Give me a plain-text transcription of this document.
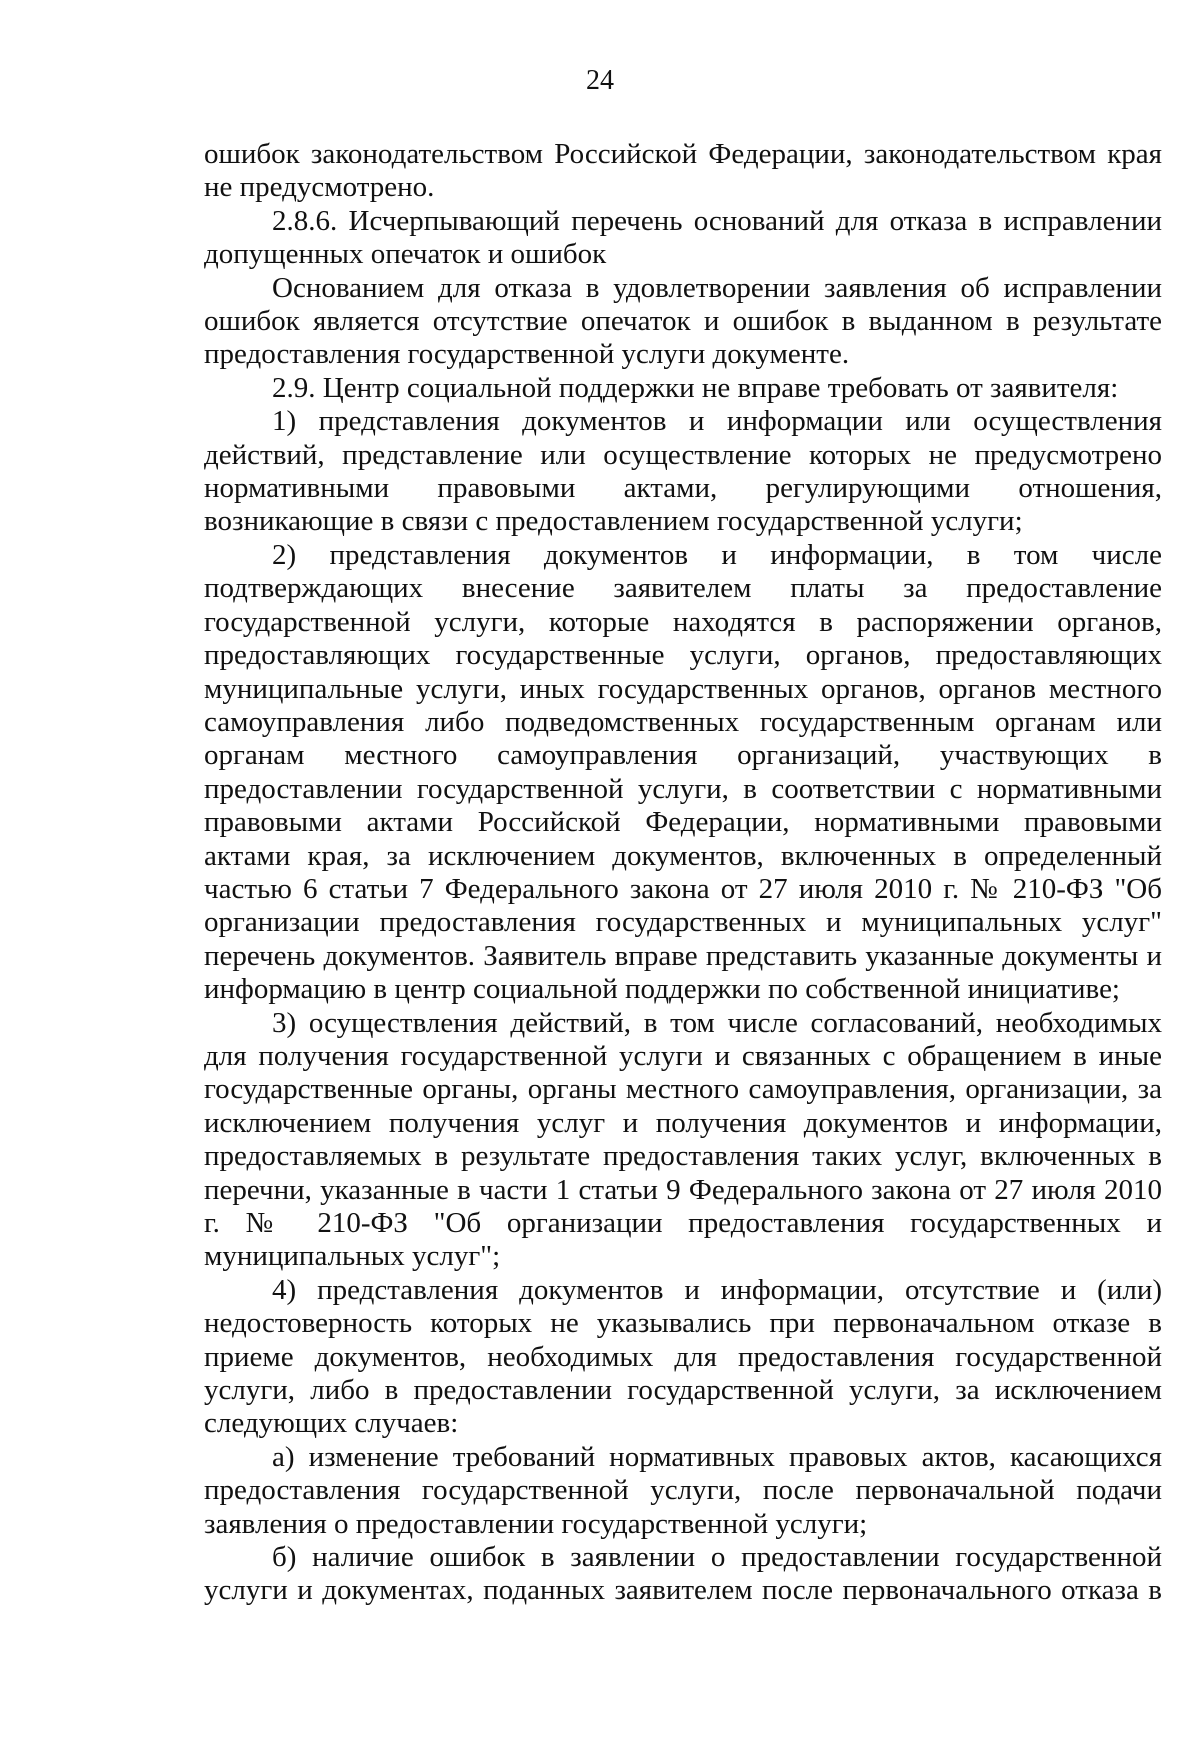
24

ошибок законодательством Российской Федерации, законодательством края не предусмотрено.

2.8.6. Исчерпывающий перечень оснований для отказа в исправлении допущенных опечаток и ошибок

Основанием для отказа в удовлетворении заявления об исправлении ошибок является отсутствие опечаток и ошибок в выданном в результате предоставления государственной услуги документе.

2.9. Центр социальной поддержки не вправе требовать от заявителя:

1) представления документов и информации или осуществления действий, представление или осуществление которых не предусмотрено нормативными правовыми актами, регулирующими отношения, возникающие в связи с предоставлением государственной услуги;

2) представления документов и информации, в том числе подтверждающих внесение заявителем платы за предоставление государственной услуги, которые находятся в распоряжении органов, предоставляющих государственные услуги, органов, предоставляющих муниципальные услуги, иных государственных органов, органов местного самоуправления либо подведомственных государственным органам или органам местного самоуправления организаций, участвующих в предоставлении государственной услуги, в соответствии с нормативными правовыми актами Российской Федерации, нормативными правовыми актами края, за исключением документов, включенных в определенный частью 6 статьи 7 Федерального закона от 27 июля 2010 г. № 210-ФЗ "Об организации предоставления государственных и муниципальных услуг" перечень документов. Заявитель вправе представить указанные документы и информацию в центр социальной поддержки по собственной инициативе;

3) осуществления действий, в том числе согласований, необходимых для получения государственной услуги и связанных с обращением в иные государственные органы, органы местного самоуправления, организации, за исключением получения услуг и получения документов и информации, предоставляемых в результате предоставления таких услуг, включенных в перечни, указанные в части 1 статьи 9 Федерального закона от 27 июля 2010 г. № 210-ФЗ "Об организации предоставления государственных и муниципальных услуг";

4) представления документов и информации, отсутствие и (или) недостоверность которых не указывались при первоначальном отказе в приеме документов, необходимых для предоставления государственной услуги, либо в предоставлении государственной услуги, за исключением следующих случаев:

а) изменение требований нормативных правовых актов, касающихся предоставления государственной услуги, после первоначальной подачи заявления о предоставлении государственной услуги;

б) наличие ошибок в заявлении о предоставлении государственной услуги и документах, поданных заявителем после первоначального отказа в
